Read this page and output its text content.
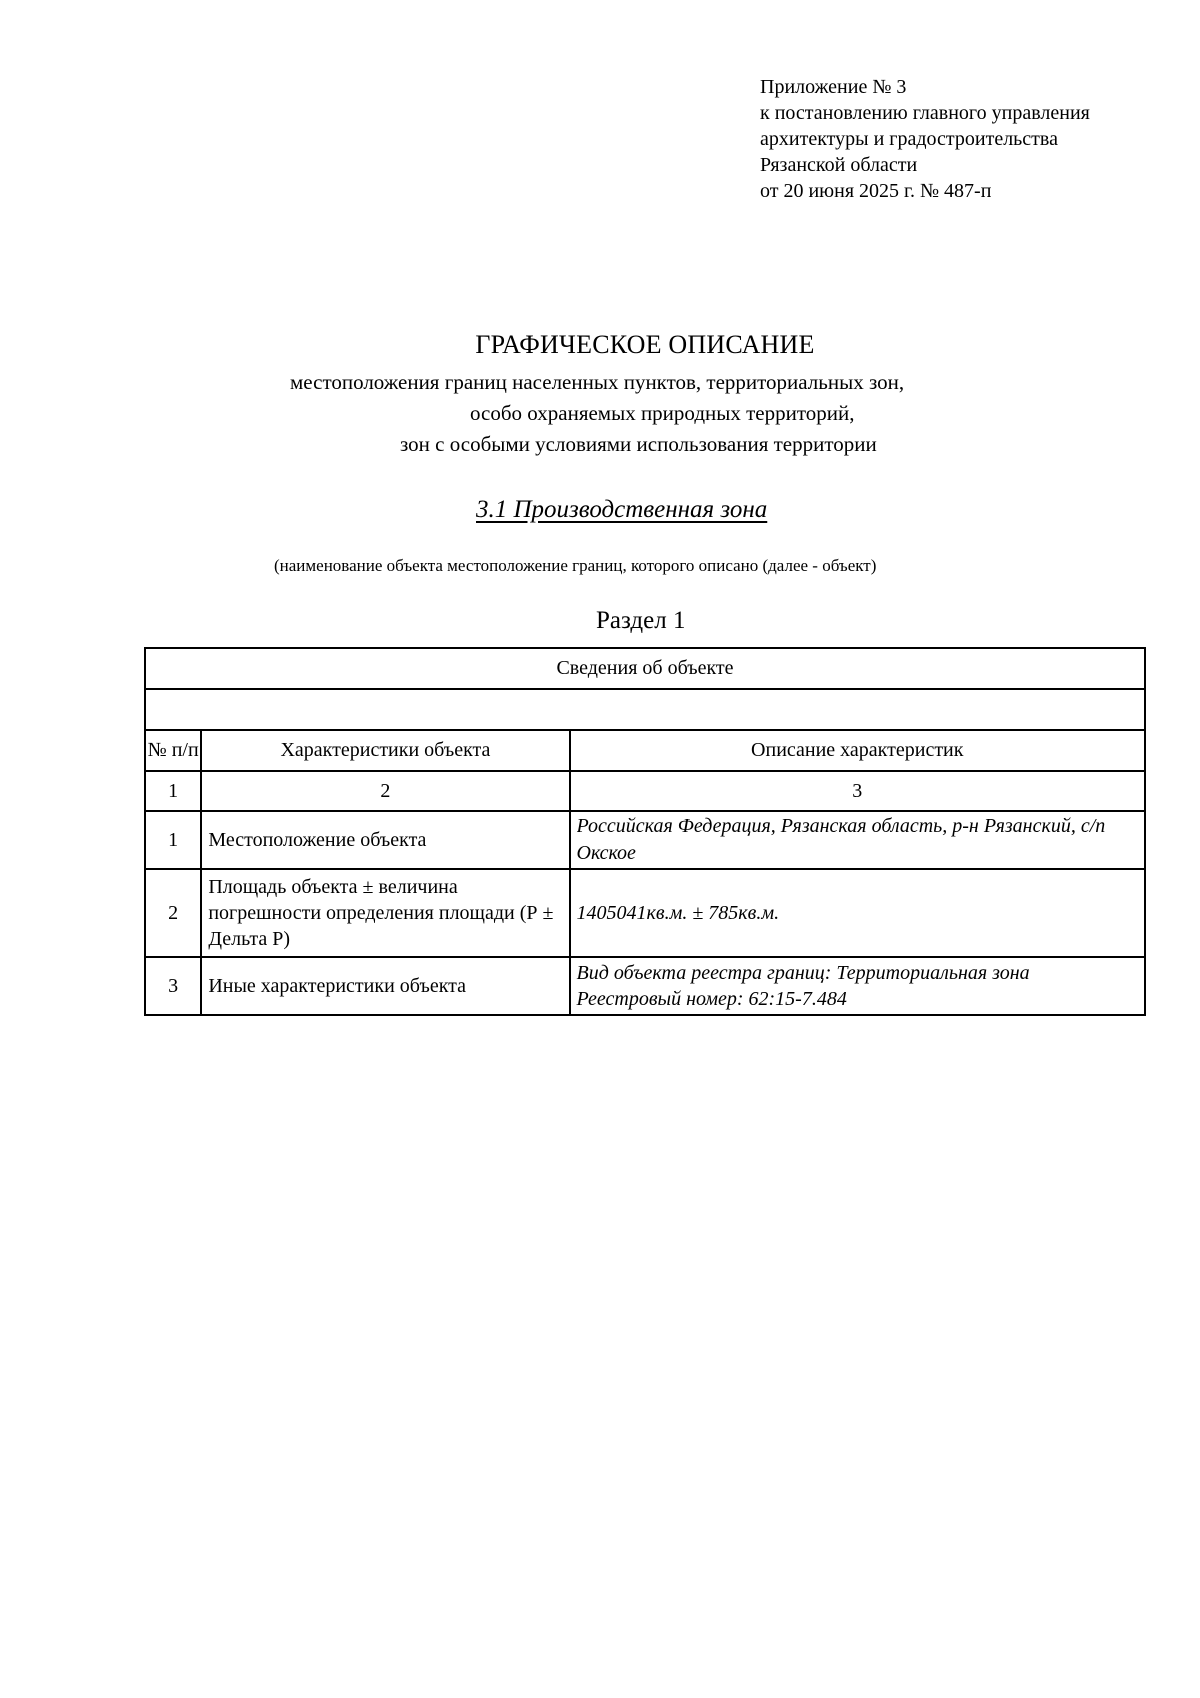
Приложение № 3
к постановлению главного управления
архитектуры и градостроительства
Рязанской области
от 20 июня 2025 г. № 487-п
ГРАФИЧЕСКОЕ ОПИСАНИЕ
местоположения границ населенных пунктов, территориальных зон,
особо охраняемых природных территорий,
зон с особыми условиями использования территории
3.1 Производственная зона
(наименование объекта местоположение границ, которого описано (далее - объект)
Раздел 1
Сведения об объекте		

№ п/п	Характеристики объекта	Описание характеристик
1	2	3
1	Местоположение объекта	Российская Федерация, Рязанская область, р-н Рязанский, с/п Окское

2	Площадь объекта ± величина погрешности определения площади (Р ± Дельта Р)	1405041кв.м. ± 785кв.м.
3	Иные характеристики объекта	Вид объекта реестра границ: Территориальная зона
Реестровый номер: 62:15-7.484
